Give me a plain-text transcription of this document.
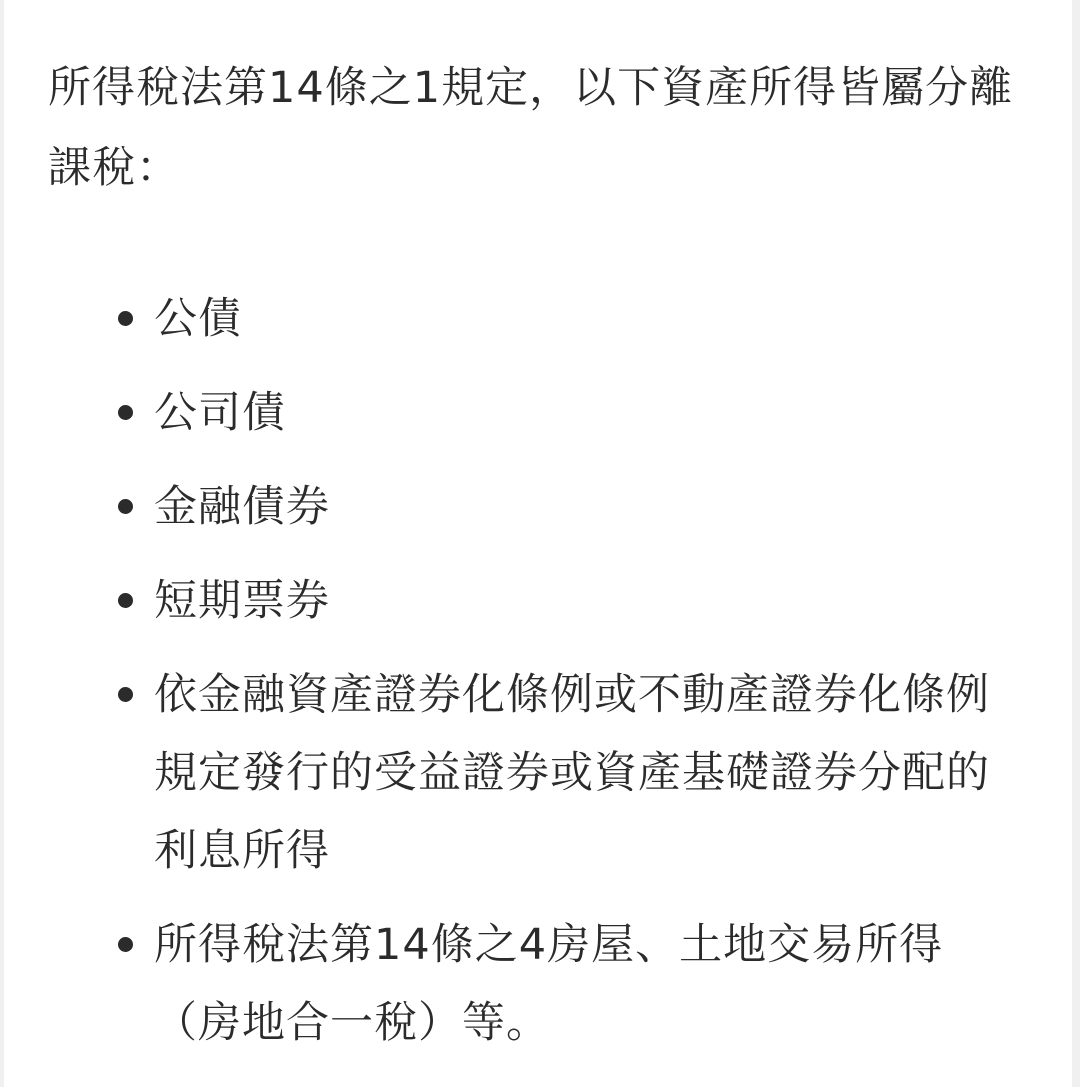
所得稅法第14條之1規定，以下資產所得皆屬分離課稅：

公債
公司債
金融債券
短期票券
依金融資產證券化條例或不動產證券化條例規定發行的受益證券或資產基礎證券分配的利息所得
所得稅法第14條之4房屋、土地交易所得（房地合一稅）等。
